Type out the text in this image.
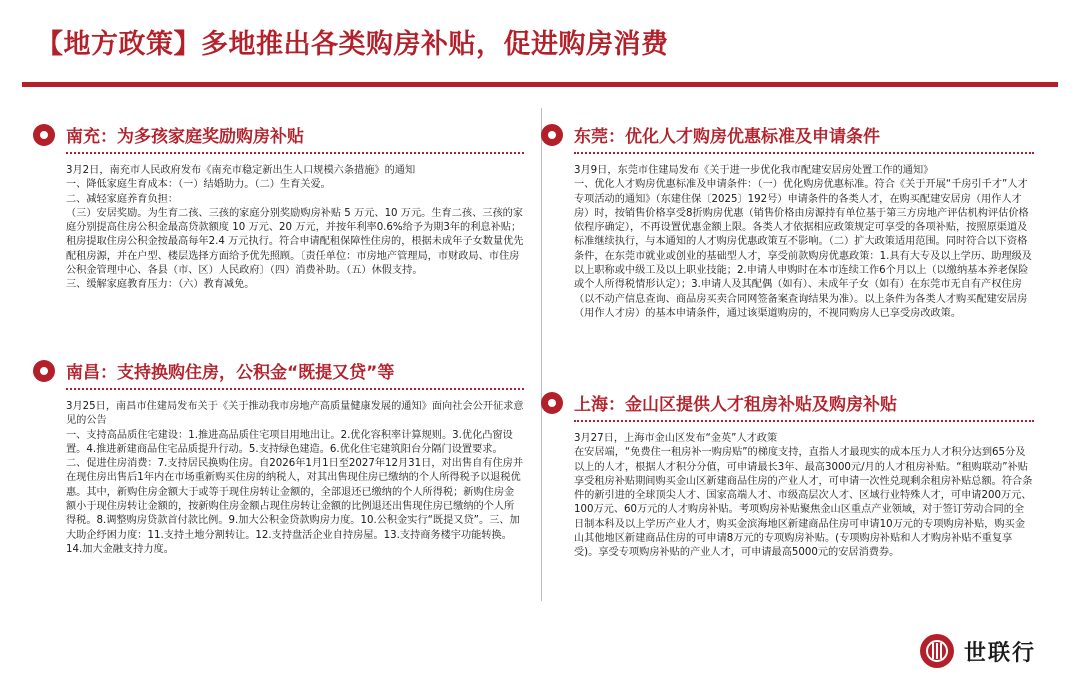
【地方政策】多地推出各类购房补贴，促进购房消费
南充：为多孩家庭奖励购房补贴

3月2日，南充市人民政府发布《南充市稳定新出生人口规模六条措施》的通知

一、降低家庭生育成本：（一）结婚助力。（二）生育关爱。

二、减轻家庭养育负担：

（三）安居奖励。为生育二孩、三孩的家庭分别奖励购房补贴 5 万元、10 万元。生育二孩、三孩的家庭分别提高住房公积金最高贷款额度 10 万元、20 万元，并按年利率0.6%给予为期3年的利息补贴；租房提取住房公积金按最高每年2.4 万元执行。符合申请配租保障性住房的，根据未成年子女数量优先配租房源，并在户型、楼层选择方面给予优先照顾。〔责任单位：市房地产管理局，市财政局、市住房公积金管理中心、各县（市、区）人民政府〕（四）消费补助。（五）休假支持。

三、缓解家庭教育压力：（六）教育减免。

南昌：支持换购住房，公积金“既提又贷”等

3月25日，南昌市住建局发布关于《关于推动我市房地产高质量健康发展的通知》面向社会公开征求意见的公告

一、支持高品质住宅建设：1.推进高品质住宅项目用地出让。2.优化容积率计算规则。3.优化凸窗设置。4.推进新建商品住宅品质提升行动。5.支持绿色建造。6.优化住宅建筑阳台分隔门设置要求。

二、促进住房消费：7.支持居民换购住房。自2026年1月1日至2027年12月31日，对出售自有住房并在现住房出售后1年内在市场重新购买住房的纳税人，对其出售现住房已缴纳的个人所得税予以退税优惠。其中，新购住房金额大于或等于现住房转让金额的，全部退还已缴纳的个人所得税；新购住房金额小于现住房转让金额的，按新购住房金额占现住房转让金额的比例退还出售现住房已缴纳的个人所得税。8.调整购房贷款首付款比例。9.加大公积金贷款购房力度。10.公积金实行“既提又贷”。三、加大助企纾困力度：11.支持土地分割转让。12.支持盘活企业自持房屋。13.支持商务楼宇功能转换。14.加大金融支持力度。

东莞：优化人才购房优惠标准及申请条件

3月9日，东莞市住建局发布《关于进一步优化我市配建安居房处置工作的通知》

一、优化人才购房优惠标准及申请条件：（一）优化购房优惠标准。符合《关于开展“千房引千才”人才专项活动的通知》（东建住保〔2025〕192号）申请条件的各类人才，在购买配建安居房（用作人才房）时，按销售价格享受8折购房优惠（销售价格由房源持有单位基于第三方房地产评估机构评估价格依程序确定），不再设置优惠金额上限。各类人才依据相应政策规定可享受的各项补贴，按照原渠道及标准继续执行，与本通知的人才购房优惠政策互不影响。（二）扩大政策适用范围。同时符合以下资格条件，在东莞市就业或创业的基础型人才，享受前款购房优惠政策：1.具有大专及以上学历、助理级及以上职称或中级工及以上职业技能；2.申请人申购时在本市连续工作6个月以上（以缴纳基本养老保险或个人所得税情形认定）；3.申请人及其配偶（如有）、未成年子女（如有）在东莞市无自有产权住房（以不动产信息查询、商品房买卖合同网签备案查询结果为准）。以上条件为各类人才购买配建安居房（用作人才房）的基本申请条件，通过该渠道购房的，不视同购房人已享受房改政策。

上海：金山区提供人才租房补贴及购房补贴

3月27日，上海市金山区发布“金英”人才政策

在安居端，“免费住一租房补一购房贴”的梯度支持，直指人才最现实的成本压力人才积分达到65分及以上的人才，根据人才积分分值，可申请最长3年、最高3000元/月的人才租房补贴。“租购联动”补贴享受租房补贴期间购买金山区新建商品住房的产业人才，可申请一次性兑现剩余租房补贴总额。符合条件的新引进的全球顶尖人才、国家高端人才、市级高层次人才、区域行业特殊人才，可申请200万元、100万元、60万元的人才购房补贴。考项购房补贴聚焦金山区重点产业领域，对于签订劳动合同的全日制本科及以上学历产业人才，购买金滨海地区新建商品住房可申请10万元的专项购房补贴，购买金山其他地区新建商品住房的可申请8万元的专项购房补贴。(专项购房补贴和人才购房补贴不重复享受)。享受专项购房补贴的产业人才，可申请最高5000元的安居消费券。

世联行
